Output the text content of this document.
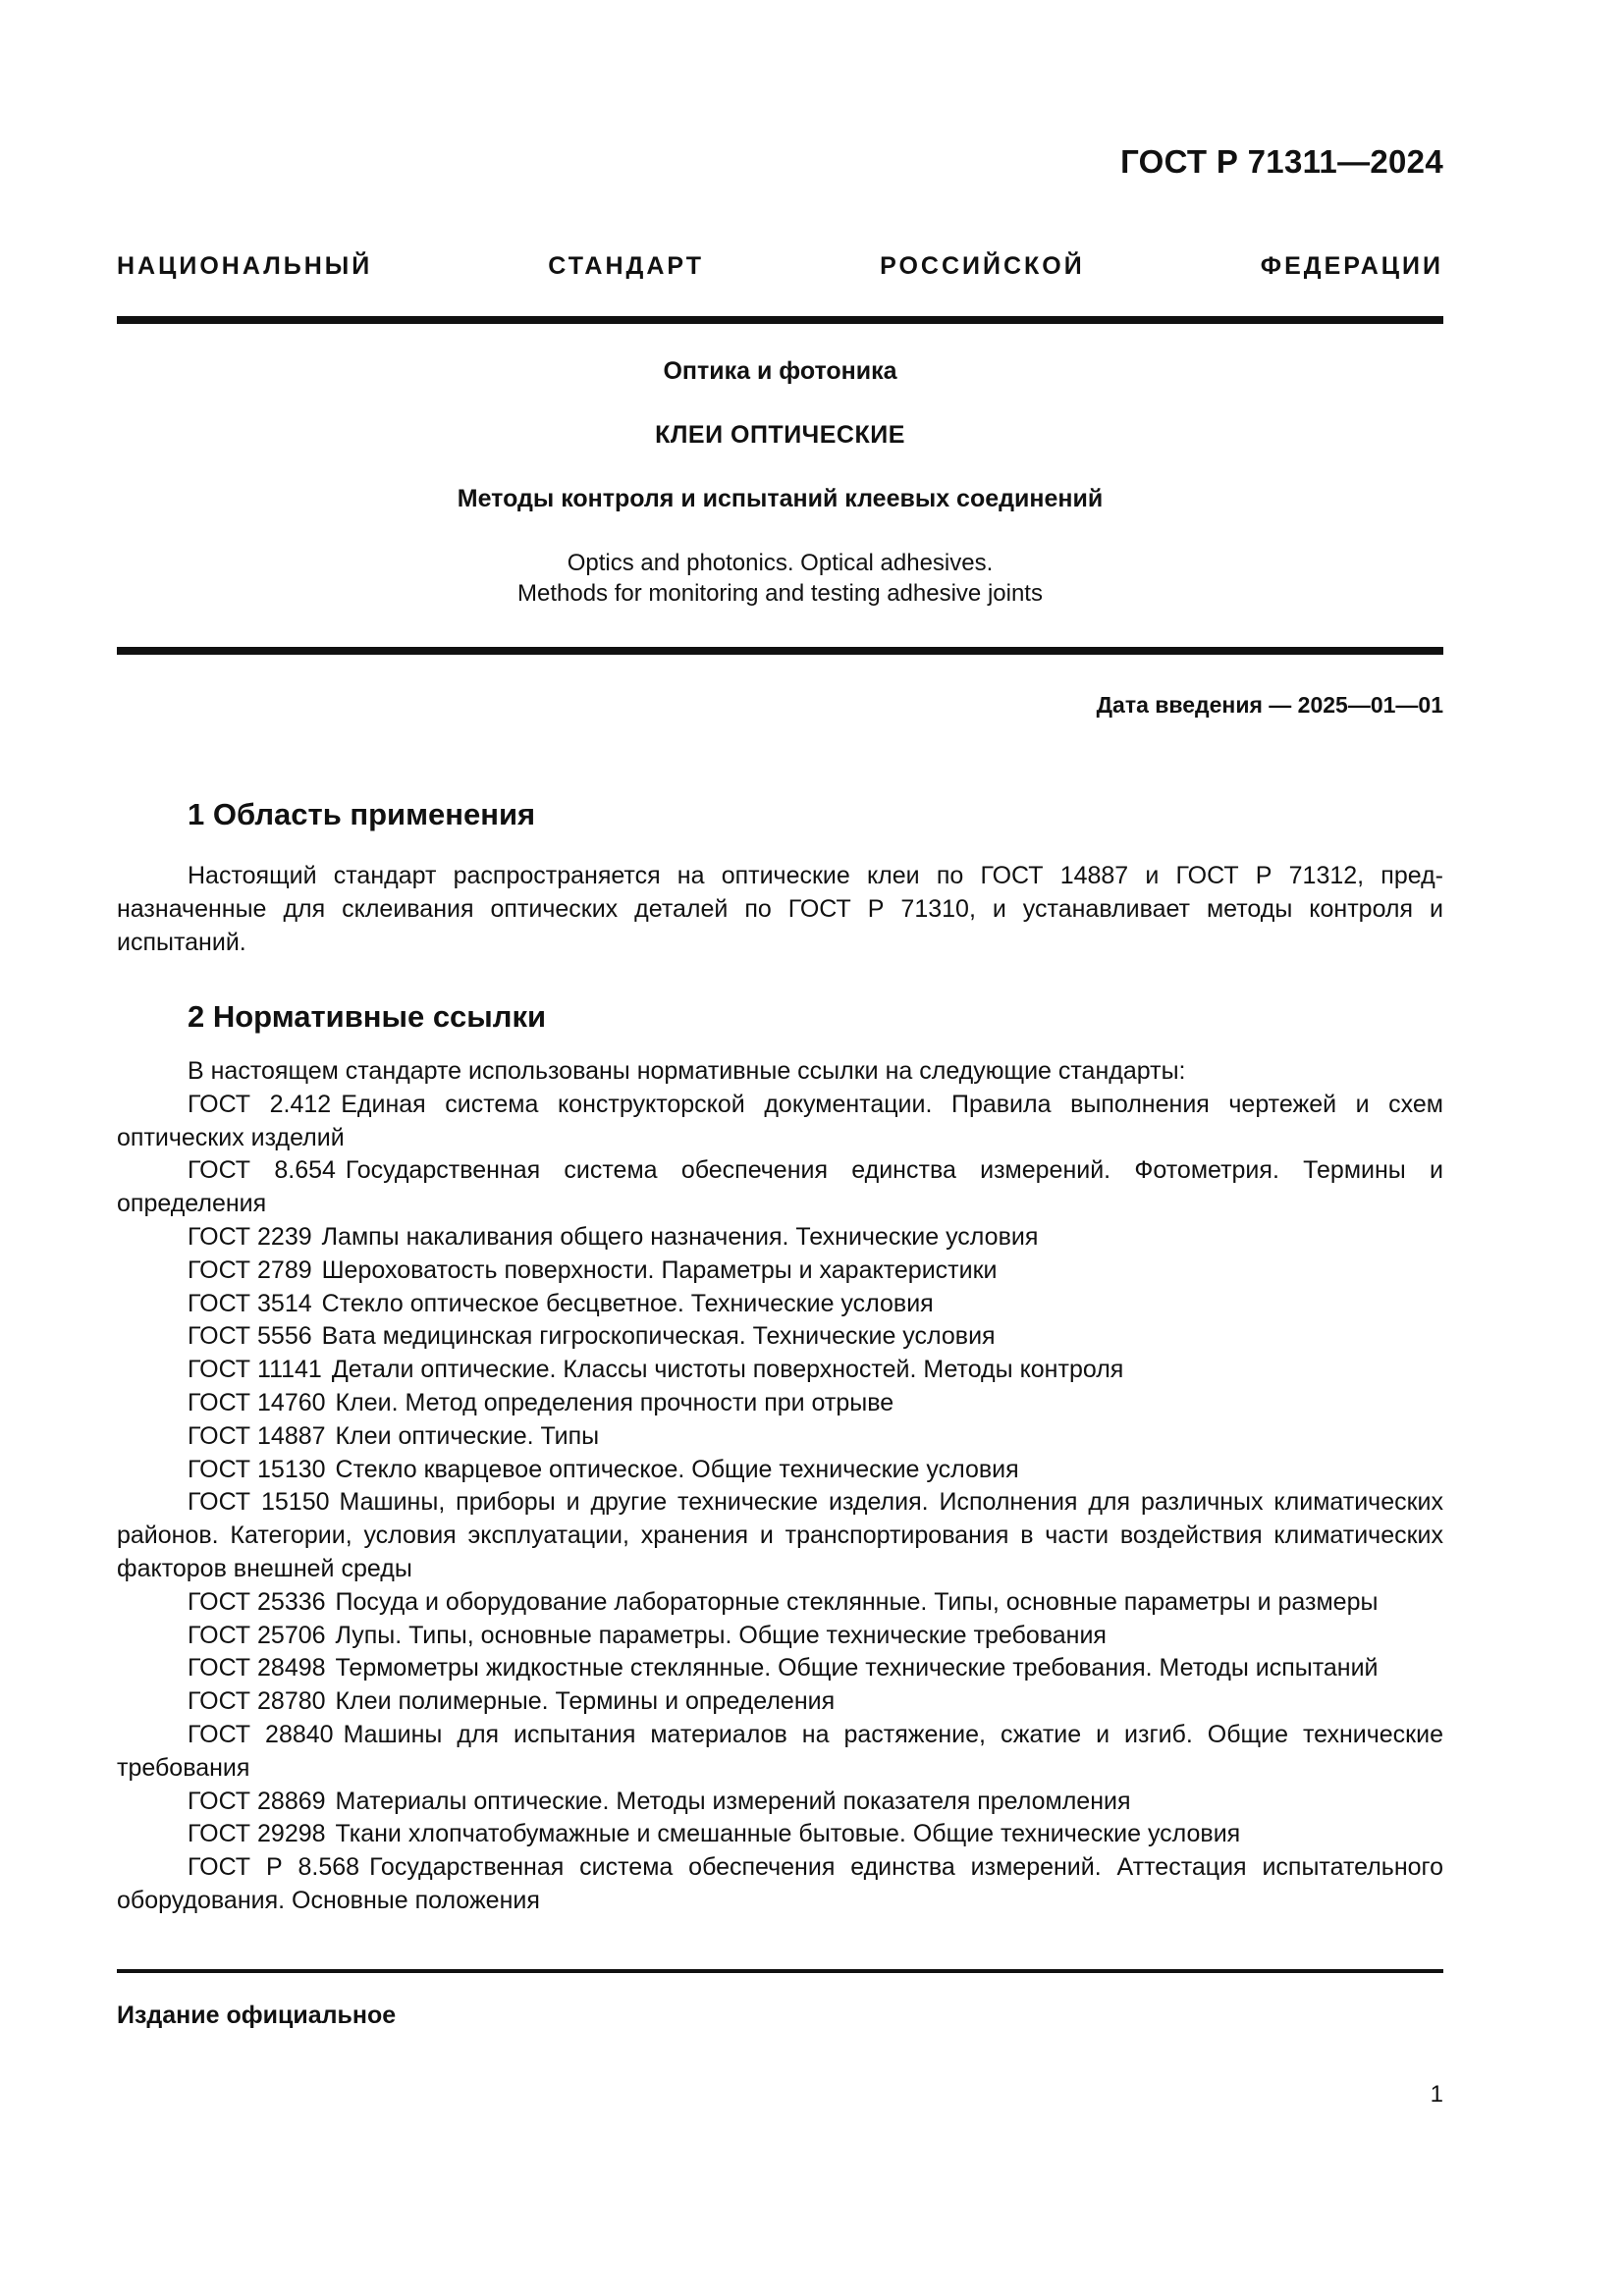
ГОСТ Р 71311—2024
НАЦИОНАЛЬНЫЙ СТАНДАРТ РОССИЙСКОЙ ФЕДЕРАЦИИ
Оптика и фотоника
КЛЕИ ОПТИЧЕСКИЕ
Методы контроля и испытаний клеевых соединений
Optics and photonics. Optical adhesives.
Methods for monitoring and testing adhesive joints
Дата введения — 2025—01—01
1 Область применения

Настоящий стандарт распространяется на оптические клеи по ГОСТ 14887 и ГОСТ Р 71312, предназначенные для склеивания оптических деталей по ГОСТ Р 71310, и устанавливает методы контроля и испытаний.

2 Нормативные ссылки

В настоящем стандарте использованы нормативные ссылки на следующие стандарты:

ГОСТ 2.412 Единая система конструкторской документации. Правила выполнения чертежей и схем оптических изделий

ГОСТ 8.654 Государственная система обеспечения единства измерений. Фотометрия. Термины и определения

ГОСТ 2239 Лампы накаливания общего назначения. Технические условия

ГОСТ 2789 Шероховатость поверхности. Параметры и характеристики

ГОСТ 3514 Стекло оптическое бесцветное. Технические условия

ГОСТ 5556 Вата медицинская гигроскопическая. Технические условия

ГОСТ 11141 Детали оптические. Классы чистоты поверхностей. Методы контроля

ГОСТ 14760 Клеи. Метод определения прочности при отрыве

ГОСТ 14887 Клеи оптические. Типы

ГОСТ 15130 Стекло кварцевое оптическое. Общие технические условия

ГОСТ 15150 Машины, приборы и другие технические изделия. Исполнения для различных климатических районов. Категории, условия эксплуатации, хранения и транспортирования в части воздействия климатических факторов внешней среды

ГОСТ 25336 Посуда и оборудование лабораторные стеклянные. Типы, основные параметры и размеры

ГОСТ 25706 Лупы. Типы, основные параметры. Общие технические требования

ГОСТ 28498 Термометры жидкостные стеклянные. Общие технические требования. Методы испытаний

ГОСТ 28780 Клеи полимерные. Термины и определения

ГОСТ 28840 Машины для испытания материалов на растяжение, сжатие и изгиб. Общие технические требования

ГОСТ 28869 Материалы оптические. Методы измерений показателя преломления

ГОСТ 29298 Ткани хлопчатобумажные и смешанные бытовые. Общие технические условия

ГОСТ Р 8.568 Государственная система обеспечения единства измерений. Аттестация испытательного оборудования. Основные положения

Издание официальное
1
